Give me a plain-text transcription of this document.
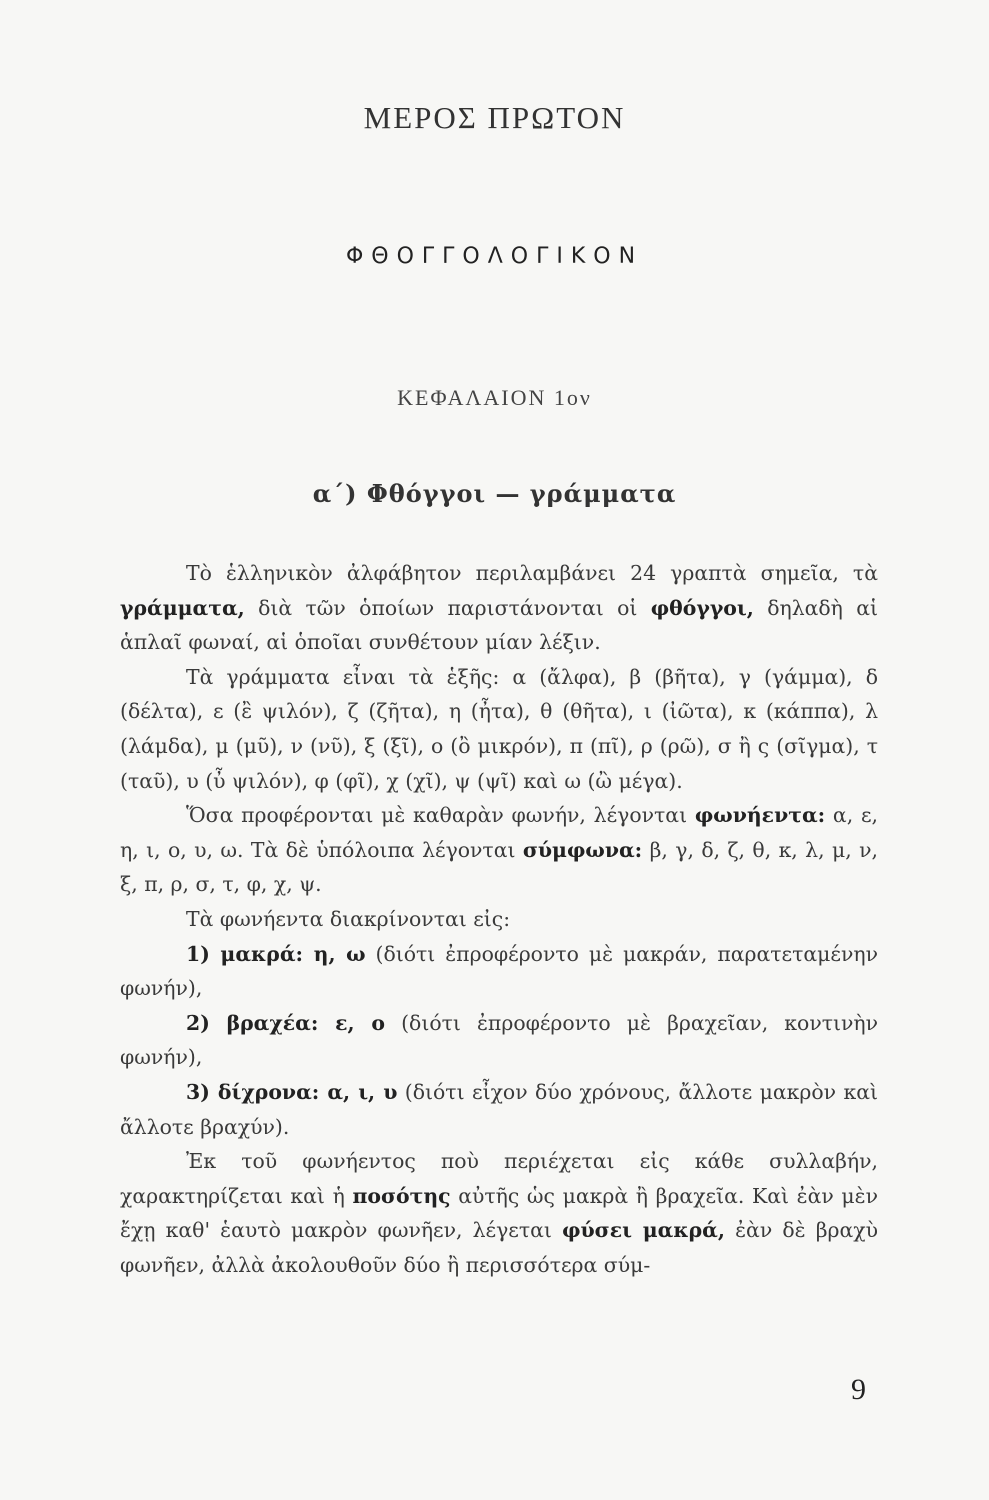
ΜΕΡΟΣ ΠΡΩΤΟΝ
ΦΘΟΓΓΟΛΟΓΙΚΟΝ
ΚΕΦΑΛΑΙΟΝ 1ον
α΄) Φθόγγοι — γράμματα

Τὸ ἑλληνικὸν ἀλφάβητον περιλαμβάνει 24 γραπτὰ σημεῖα, τὰ γράμματα, διὰ τῶν ὁποίων παριστάνονται οἱ φθόγγοι, δηλαδὴ αἱ ἁπλαῖ φωναί, αἱ ὁποῖαι συνθέτουν μίαν λέξιν.

Τὰ γράμματα εἶναι τὰ ἑξῆς: α (ἄλφα), β (βῆτα), γ (γάμμα), δ (δέλτα), ε (ἒ ψιλόν), ζ (ζῆτα), η (ἦτα), θ (θῆτα), ι (ἰῶτα), κ (κάππα), λ (λάμδα), μ (μῦ), ν (νῦ), ξ (ξῖ), ο (ὂ μικρόν), π (πῖ), ρ (ρῶ), σ ἢ ς (σῖγμα), τ (ταῦ), υ (ὖ ψιλόν), φ (φῖ), χ (χῖ), ψ (ψῖ) καὶ ω (ὢ μέγα).

Ὅσα προφέρονται μὲ καθαρὰν φωνήν, λέγονται φωνήεντα: α, ε, η, ι, ο, υ, ω. Τὰ δὲ ὑπόλοιπα λέγονται σύμφωνα: β, γ, δ, ζ, θ, κ, λ, μ, ν, ξ, π, ρ, σ, τ, φ, χ, ψ.

Τὰ φωνήεντα διακρίνονται εἰς:

1) μακρά: η, ω (διότι ἐπροφέροντο μὲ μακράν, παρατεταμένην φωνήν),

2) βραχέα: ε, ο (διότι ἐπροφέροντο μὲ βραχεῖαν, κοντινὴν φωνήν),

3) δίχρονα: α, ι, υ (διότι εἶχον δύο χρόνους, ἄλλοτε μακρὸν καὶ ἄλλοτε βραχύν).

Ἐκ τοῦ φωνήεντος ποὺ περιέχεται εἰς κάθε συλλαβήν, χαρακτηρίζεται καὶ ἡ ποσότης αὐτῆς ὡς μακρὰ ἢ βραχεῖα. Καὶ ἐὰν μὲν ἔχῃ καθ' ἑαυτὸ μακρὸν φωνῆεν, λέγεται φύσει μακρά, ἐὰν δὲ βραχὺ φωνῆεν, ἀλλὰ ἀκολουθοῦν δύο ἢ περισσότερα σύμ-

9
